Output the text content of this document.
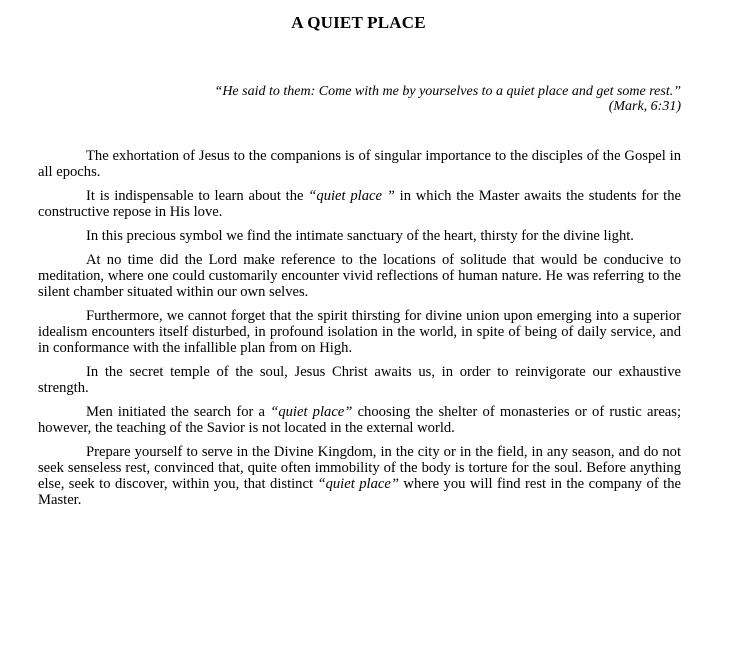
A QUIET PLACE
“He said to them: Come with me by yourselves to a quiet place and get some rest.”
(Mark, 6:31)

The exhortation of Jesus to the companions is of singular importance to the disciples of the Gospel in all epochs.

It is indispensable to learn about the “quiet place ” in which the Master awaits the students for the constructive repose in His love.

In this precious symbol we find the intimate sanctuary of the heart, thirsty for the divine light.

At no time did the Lord make reference to the locations of solitude that would be conducive to meditation, where one could customarily encounter vivid reflections of human nature. He was referring to the silent chamber situated within our own selves.

Furthermore, we cannot forget that the spirit thirsting for divine union upon emerging into a superior idealism encounters itself disturbed, in profound isolation in the world, in spite of being of daily service, and in conformance with the infallible plan from on High.

In the secret temple of the soul, Jesus Christ awaits us, in order to reinvigorate our exhaustive strength.

Men initiated the search for a “quiet place” choosing the shelter of monasteries or of rustic areas; however, the teaching of the Savior is not located in the external world.

Prepare yourself to serve in the Divine Kingdom, in the city or in the field, in any season, and do not seek senseless rest, convinced that, quite often immobility of the body is torture for the soul. Before anything else, seek to discover, within you, that distinct “quiet place” where you will find rest in the company of the Master.
